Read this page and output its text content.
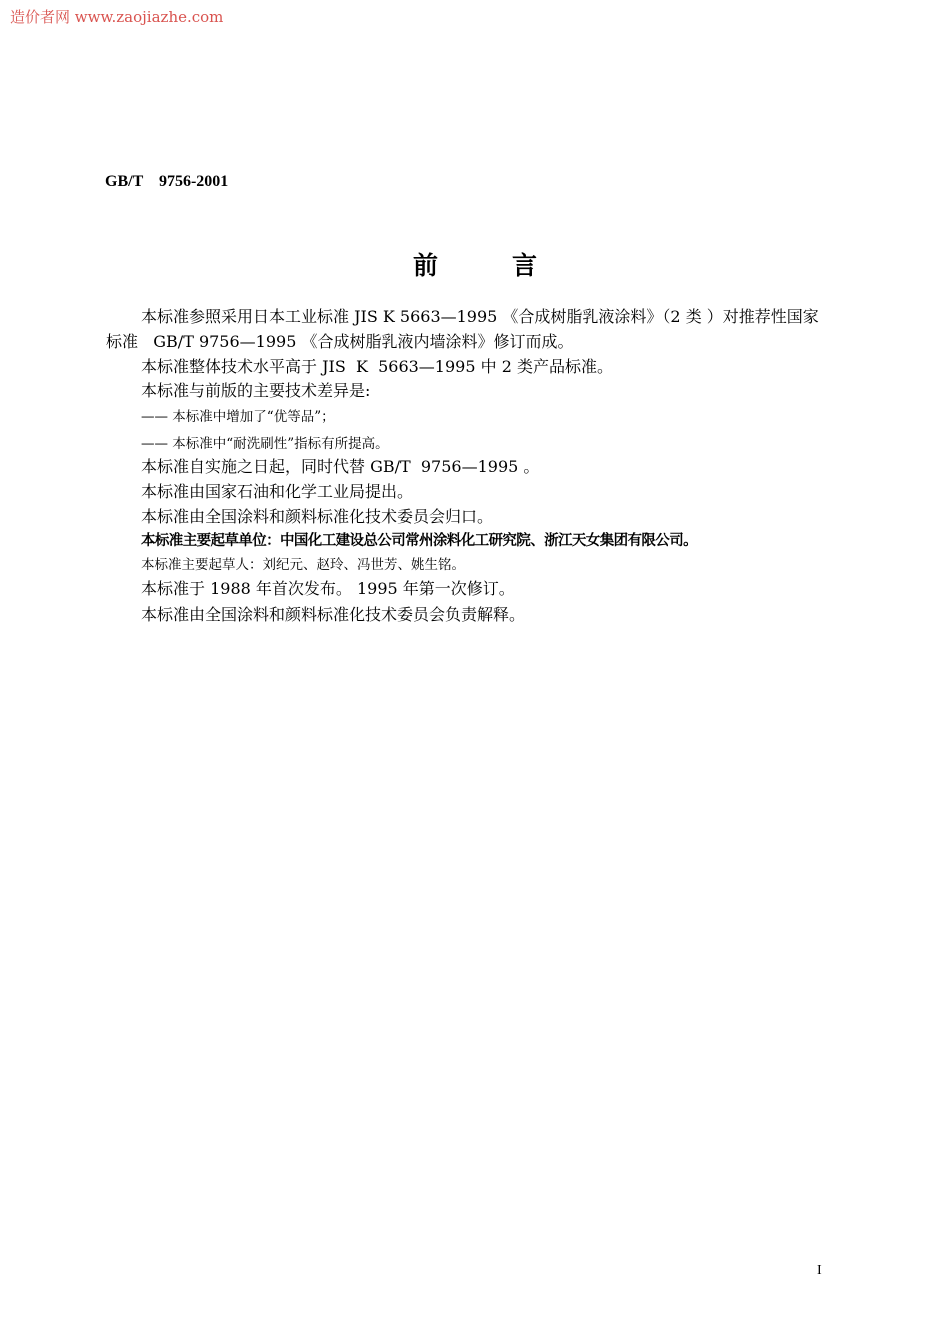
造价者网 www.zaojiazhe.com
GB/T    9756-2001
前言

本标准参照采用日本工业标准 JIS K 5663—1995 《合成树脂乳液涂料》（2 类 ）对推荐性国家

标准   GB/T 9756—1995 《合成树脂乳液内墙涂料》修订而成。

本标准整体技术水平高于 JIS  K  5663—1995 中 2 类产品标准。

本标准与前版的主要技术差异是:

—— 本标准中增加了“优等品”；

—— 本标准中“耐洗刷性”指标有所提高。

本标准自实施之日起，同时代替 GB/T  9756—1995 。

本标准由国家石油和化学工业局提出。

本标准由全国涂料和颜料标准化技术委员会归口。

本标准主要起草单位：中国化工建设总公司常州涂料化工研究院、浙江天女集团有限公司。

本标准主要起草人：刘纪元、赵玲、冯世芳、姚生铭。

本标准于 1988 年首次发布。 1995 年第一次修订。

本标准由全国涂料和颜料标准化技术委员会负责解释。

I
